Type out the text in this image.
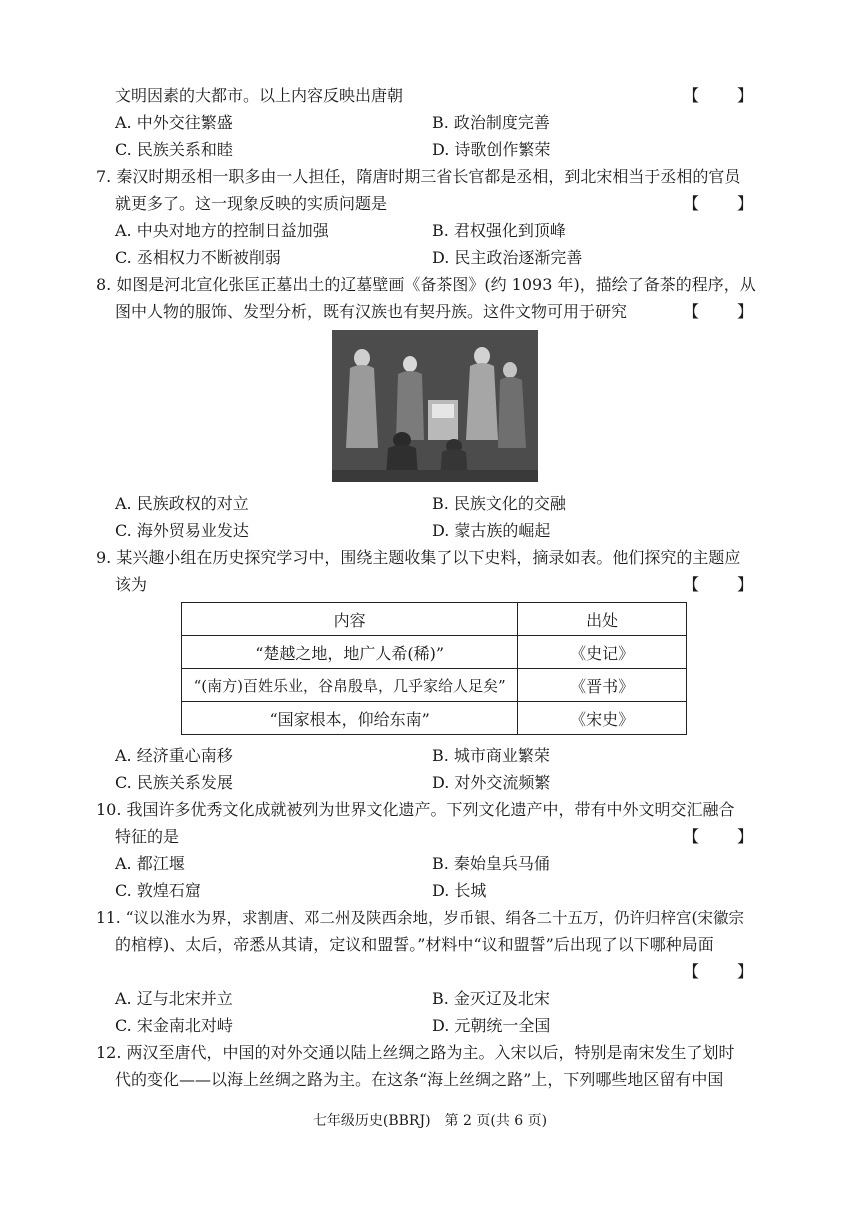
文明因素的大都市。以上内容反映出唐朝	【　　】
A. 中外交往繁盛	B. 政治制度完善
C. 民族关系和睦	D. 诗歌创作繁荣
7. 秦汉时期丞相一职多由一人担任，隋唐时期三省长官都是丞相，到北宋相当于丞相的官员
就更多了。这一现象反映的实质问题是	【　　】
A. 中央对地方的控制日益加强	B. 君权强化到顶峰
C. 丞相权力不断被削弱	D. 民主政治逐渐完善
8. 如图是河北宣化张匡正墓出土的辽墓壁画《备茶图》(约 1093 年)，描绘了备茶的程序，从
图中人物的服饰、发型分析，既有汉族也有契丹族。这件文物可用于研究	【　　】
A. 民族政权的对立	B. 民族文化的交融
C. 海外贸易业发达	D. 蒙古族的崛起
9. 某兴趣小组在历史探究学习中，围绕主题收集了以下史料，摘录如表。他们探究的主题应
该为	【　　】
内容	出处
“楚越之地，地广人希(稀)”	《史记》
“(南方)百姓乐业，谷帛殷阜，几乎家给人足矣”	《晋书》
“国家根本，仰给东南”	《宋史》
A. 经济重心南移	B. 城市商业繁荣
C. 民族关系发展	D. 对外交流频繁
10. 我国许多优秀文化成就被列为世界文化遗产。下列文化遗产中，带有中外文明交汇融合
特征的是	【　　】
A. 都江堰	B. 秦始皇兵马俑
C. 敦煌石窟	D. 长城
11. “议以淮水为界，求割唐、邓二州及陕西余地，岁币银、绢各二十五万，仍许归梓宫(宋徽宗
的棺椁)、太后，帝悉从其请，定议和盟誓。”材料中“议和盟誓”后出现了以下哪种局面
【　　】
A. 辽与北宋并立	B. 金灭辽及北宋
C. 宋金南北对峙	D. 元朝统一全国
12. 两汉至唐代，中国的对外交通以陆上丝绸之路为主。入宋以后，特别是南宋发生了划时
代的变化——以海上丝绸之路为主。在这条“海上丝绸之路”上，下列哪些地区留有中国
七年级历史(BBRJ)　第 2 页(共 6 页)
